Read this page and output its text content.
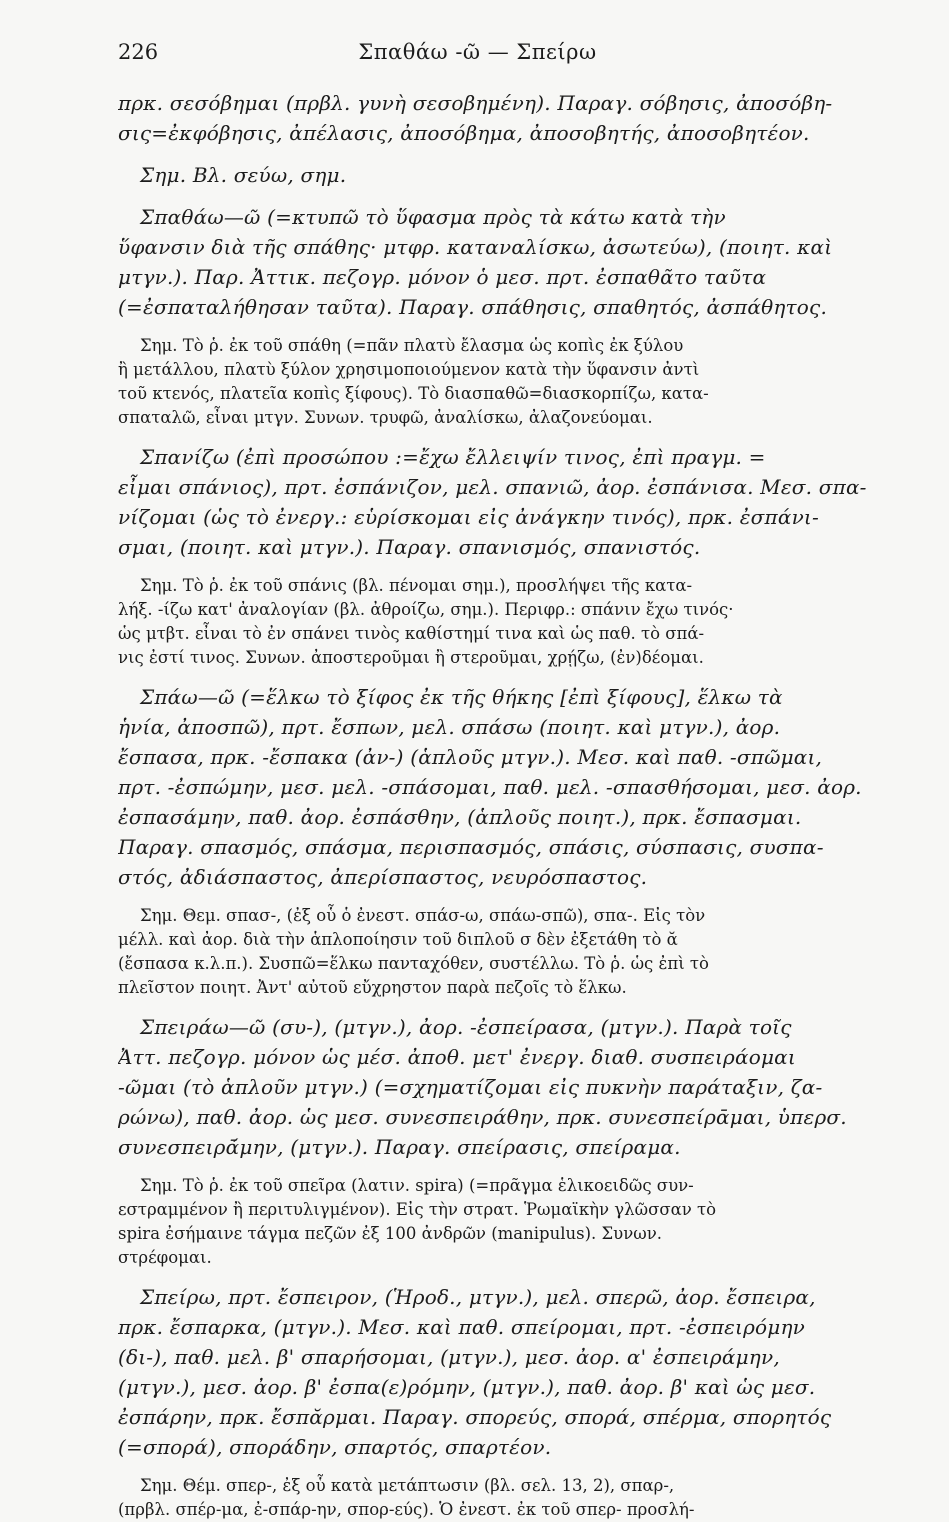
226	Σπαθάω -ῶ — Σπείρω
πρκ. σεσόβημαι (πρβλ. γυνὴ σεσοβημένη). Παραγ. σόβησις, ἀποσόβη-
σις=ἐκφόβησις, ἀπέλασις, ἀποσόβημα, ἀποσοβητής, ἀποσοβητέον.
Σημ. Βλ. σεύω, σημ.
Σπαθάω—ῶ (=κτυπῶ τὸ ὕφασμα πρὸς τὰ κάτω κατὰ τὴν
ὕφανσιν διὰ τῆς σπάθης· μτφρ. καταναλίσκω, ἀσωτεύω), (ποιητ. καὶ
μτγν.). Παρ. Ἀττικ. πεζογρ. μόνον ὁ μεσ. πρτ. ἐσπαθᾶτο ταῦτα
(=ἐσπαταλήθησαν ταῦτα). Παραγ. σπάθησις, σπαθητός, ἀσπάθητος.
Σημ. Τὸ ῥ. ἐκ τοῦ σπάθη (=πᾶν πλατὺ ἔλασμα ὡς κοπὶς ἐκ ξύλου
ἢ μετάλλου, πλατὺ ξύλον χρησιμοποιούμενον κατὰ τὴν ὕφανσιν ἀντὶ
τοῦ κτενός, πλατεῖα κοπὶς ξίφους). Τὸ διασπαθῶ=διασκορπίζω, κατα-
σπαταλῶ, εἶναι μτγν. Συνων. τρυφῶ, ἀναλίσκω, ἀλαζονεύομαι.
Σπανίζω (ἐπὶ προσώπου :=ἔχω ἔλλειψίν τινος, ἐπὶ πραγμ. =
εἶμαι σπάνιος), πρτ. ἐσπάνιζον, μελ. σπανιῶ, ἀορ. ἐσπάνισα. Μεσ. σπα-
νίζομαι (ὡς τὸ ἐνεργ.: εὑρίσκομαι εἰς ἀνάγκην τινός), πρκ. ἐσπάνι-
σμαι, (ποιητ. καὶ μτγν.). Παραγ. σπανισμός, σπανιστός.
Σημ. Τὸ ῥ. ἐκ τοῦ σπάνις (βλ. πένομαι σημ.), προσλήψει τῆς κατα-
λήξ. -ίζω κατ' ἀναλογίαν (βλ. ἀθροίζω, σημ.). Περιφρ.: σπάνιν ἔχω τινός·
ὡς μτβτ. εἶναι τὸ ἐν σπάνει τινὸς καθίστημί τινα καὶ ὡς παθ. τὸ σπά-
νις ἐστί τινος. Συνων. ἀποστεροῦμαι ἢ στεροῦμαι, χρῄζω, (ἐν)δέομαι.
Σπάω—ῶ (=ἕλκω τὸ ξίφος ἐκ τῆς θήκης [ἐπὶ ξίφους], ἕλκω τὰ
ἡνία, ἀποσπῶ), πρτ. ἔσπων, μελ. σπάσω (ποιητ. καὶ μτγν.), ἀορ.
ἔσπασα, πρκ. -ἔσπακα (ἀν-) (ἁπλοῦς μτγν.). Μεσ. καὶ παθ. -σπῶμαι,
πρτ. -ἐσπώμην, μεσ. μελ. -σπάσομαι, παθ. μελ. -σπασθήσομαι, μεσ. ἀορ.
ἐσπασάμην, παθ. ἀορ. ἐσπάσθην, (ἁπλοῦς ποιητ.), πρκ. ἔσπασμαι.
Παραγ. σπασμός, σπάσμα, περισπασμός, σπάσις, σύσπασις, συσπα-
στός, ἀδιάσπαστος, ἀπερίσπαστος, νευρόσπαστος.
Σημ. Θεμ. σπασ-, (ἐξ οὗ ὁ ἐνεστ. σπάσ-ω, σπάω-σπῶ), σπα-. Εἰς τὸν
μέλλ. καὶ ἀορ. διὰ τὴν ἁπλοποίησιν τοῦ διπλοῦ σ δὲν ἐξετάθη τὸ ᾰ
(ἔσπασα κ.λ.π.). Συσπῶ=ἕλκω πανταχόθεν, συστέλλω. Τὸ ῥ. ὡς ἐπὶ τὸ
πλεῖστον ποιητ. Ἀντ' αὐτοῦ εὔχρηστον παρὰ πεζοῖς τὸ ἕλκω.
Σπειράω—ῶ (συ-), (μτγν.), ἀορ. -ἐσπείρασα, (μτγν.). Παρὰ τοῖς
Ἀττ. πεζογρ. μόνον ὡς μέσ. ἀποθ. μετ' ἐνεργ. διαθ. συσπειράομαι
-ῶμαι (τὸ ἁπλοῦν μτγν.) (=σχηματίζομαι εἰς πυκνὴν παράταξιν, ζα-
ρώνω), παθ. ἀορ. ὡς μεσ. συνεσπειράθην, πρκ. συνεσπείρᾱμαι, ὑπερσ.
συνεσπειρᾱ́μην, (μτγν.). Παραγ. σπείρασις, σπείραμα.
Σημ. Τὸ ῥ. ἐκ τοῦ σπεῖρα (λατιν. spira) (=πρᾶγμα ἑλικοειδῶς συν-
εστραμμένον ἢ περιτυλιγμένον). Εἰς τὴν στρατ. Ῥωμαϊκὴν γλῶσσαν τὸ
spira ἐσήμαινε τάγμα πεζῶν ἐξ 100 ἀνδρῶν (manipulus). Συνων.
στρέφομαι.
Σπείρω, πρτ. ἔσπειρον, (Ἡροδ., μτγν.), μελ. σπερῶ, ἀορ. ἔσπειρα,
πρκ. ἔσπαρκα, (μτγν.). Μεσ. καὶ παθ. σπείρομαι, πρτ. -ἐσπειρόμην
(δι-), παθ. μελ. β' σπαρήσομαι, (μτγν.), μεσ. ἀορ. α' ἐσπειράμην,
(μτγν.), μεσ. ἀορ. β' ἐσπα(ε)ρόμην, (μτγν.), παθ. ἀορ. β' καὶ ὡς μεσ.
ἐσπάρην, πρκ. ἔσπᾰρμαι. Παραγ. σπορεύς, σπορά, σπέρμα, σπορητός
(=σπορά), σποράδην, σπαρτός, σπαρτέον.
Σημ. Θέμ. σπερ-, ἐξ οὗ κατὰ μετάπτωσιν (βλ. σελ. 13, 2), σπαρ-,
(πρβλ. σπέρ-μα, ἐ-σπάρ-ην, σπορ-εύς). Ὁ ἐνεστ. ἐκ τοῦ σπερ- προσλή-
